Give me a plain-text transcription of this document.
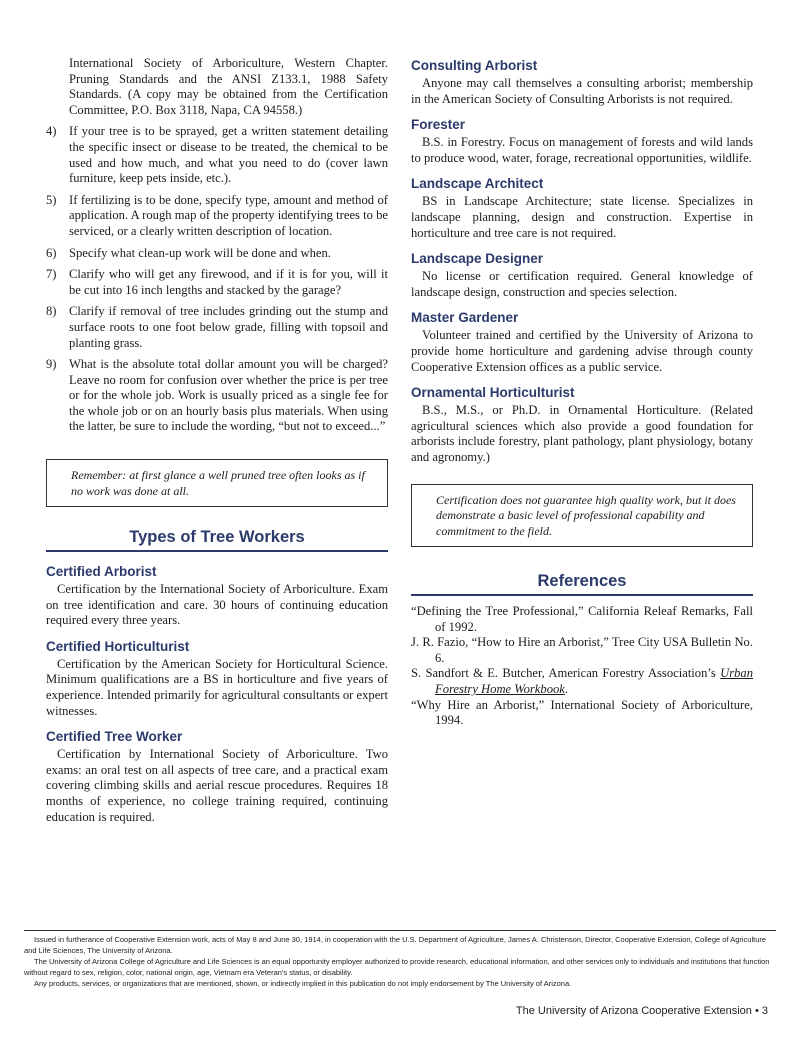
International Society of Arboriculture, Western Chapter. Pruning Standards and the ANSI Z133.1, 1988 Safety Standards. (A copy may be obtained from the Certification Committee, P.O. Box 3118, Napa, CA 94558.)

4) If your tree is to be sprayed, get a written statement detailing the specific insect or disease to be treated, the chemical to be used and how much, and what you need to do (cover lawn furniture, keep pets inside, etc.).
5) If fertilizing is to be done, specify type, amount and method of application. A rough map of the property identifying trees to be serviced, or a clearly written description of location.
6) Specify what clean-up work will be done and when.
7) Clarify who will get any firewood, and if it is for you, will it be cut into 16 inch lengths and stacked by the garage?
8) Clarify if removal of tree includes grinding out the stump and surface roots to one foot below grade, filling with topsoil and planting grass.
9) What is the absolute total dollar amount you will be charged? Leave no room for confusion over whether the price is per tree or for the whole job. Work is usually priced as a single fee for the whole job or on an hourly basis plus materials. When using the latter, be sure to include the wording, “but not to exceed...”
Remember: at first glance a well pruned tree often looks as if no work was done at all.
Types of Tree Workers
Certified Arborist

Certification by the International Society of Arboriculture. Exam on tree identification and care. 30 hours of continuing education required every three years.

Certified Horticulturist

Certification by the American Society for Horticultural Science. Minimum qualifications are a BS in horticulture and five years of experience. Intended primarily for agricultural consultants or expert witnesses.

Certified Tree Worker

Certification by International Society of Arboriculture. Two exams: an oral test on all aspects of tree care, and a practical exam covering climbing skills and aerial rescue procedures. Requires 18 months of experience, no college training required, continuing education is required.

Consulting Arborist

Anyone may call themselves a consulting arborist; membership in the American Society of Consulting Arborists is not required.

Forester

B.S. in Forestry. Focus on management of forests and wild lands to produce wood, water, forage, recreational opportunities, wildlife.

Landscape Architect

BS in Landscape Architecture; state license. Specializes in landscape planning, design and construction. Expertise in horticulture and tree care is not required.

Landscape Designer

No license or certification required. General knowledge of landscape design, construction and species selection.

Master Gardener

Volunteer trained and certified by the University of Arizona to provide home horticulture and gardening advise through county Cooperative Extension offices as a public service.

Ornamental Horticulturist

B.S., M.S., or Ph.D. in Ornamental Horticulture. (Related agricultural sciences which also provide a good foundation for arborists include forestry, plant pathology, plant physiology, botany and agronomy.)

Certification does not guarantee high quality work, but it does demonstrate a basic level of professional capability and commitment to the field.
References

“Defining the Tree Professional,” California Releaf Remarks, Fall of 1992.

J. R. Fazio, “How to Hire an Arborist,” Tree City USA Bulletin No. 6.

S. Sandfort & E. Butcher, American Forestry Association’s Urban Forestry Home Workbook.

“Why Hire an Arborist,” International Society of Arboriculture, 1994.

Issued in furtherance of Cooperative Extension work, acts of May 8 and June 30, 1914, in cooperation with the U.S. Department of Agriculture, James A. Christenson, Director, Cooperative Extension, College of Agriculture and Life Sciences, The University of Arizona.

The University of Arizona College of Agriculture and Life Sciences is an equal opportunity employer authorized to provide research, educational information, and other services only to individuals and institutions that function without regard to sex, religion, color, national origin, age, Vietnam era Veteran's status, or disability.

Any products, services, or organizations that are mentioned, shown, or indirectly implied in this publication do not imply endorsement by The University of Arizona.

The University of Arizona Cooperative Extension • 3
